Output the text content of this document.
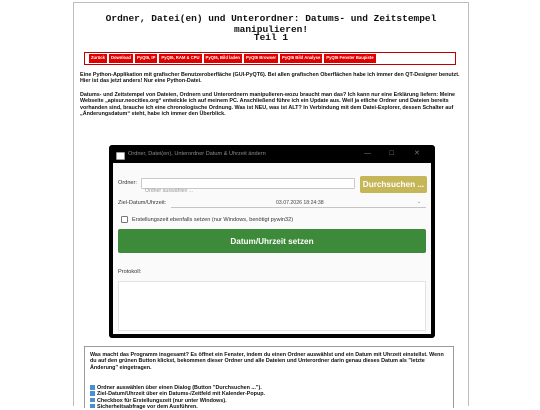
Ordner, Datei(en) und Unterordner: Datums- und Zeitstempel manipulieren!
Teil 1
Zurück	Download	PyQt6, IP	PyQt6, RAM & CPU	PyQt6, Bild laden	PyQt6 Browser	PyQt6 Bild Analyse	PyQt6 Fenster Baupiste
Eine Python-Applikation mit grafischer Benutzeroberfläche (GUI-PyQT6). Bei allen grafischen Oberflächen habe ich immer den QT-Designer benutzt. Hier ist das jetzt anders! Nur eine Python-Datei.
Datums- und Zeitstempel von Dateien, Ordnern und Unterordnern manipulieren-wozu braucht man das? Ich kann nur eine Erklärung liefern: Meine Webseite „apisur.neocities.org“ entwickle ich auf meinem PC. Anschließend führe ich ein Update aus. Weil ja etliche Ordner und Dateien bereits vorhanden sind, brauche ich eine chronologische Ordnung. Was ist NEU, was ist ALT? In Verbindung mit dem Datei-Explorer, dessen Schalter auf „Änderungsdatum“ steht, habe ich immer den Überblick.
Ordner, Datei(en), Unterordner Datum & Uhrzeit ändern	—	☐	✕
Ordner:
Ordner auswählen ...	Durchsuchen ...
Ziel-Datum/Uhrzeit:	03.07.2026 18:24:38	⌄
Erstellungszeit ebenfalls setzen (nur Windows, benötigt pywin32)
Datum/Uhrzeit setzen
Protokoll:
Was macht das Programm insgesamt? Es öffnet ein Fenster, indem du einen Ordner auswählst und ein Datum mit Uhrzeit einstellst. Wenn du auf den grünen Button klickst, bekommen dieser Ordner und alle Dateien und Unterordner darin genau dieses Datum als "letzte Änderung" eingetragen.
Ordner auswählen über einen Dialog (Button "Durchsuchen ...").
Ziel-Datum/Uhrzeit über ein Datums-/Zeitfeld mit Kalender-Popup.
Checkbox für Erstellungszeit (nur unter Windows).
Sicherheitsabfrage vor dem Ausführen.
